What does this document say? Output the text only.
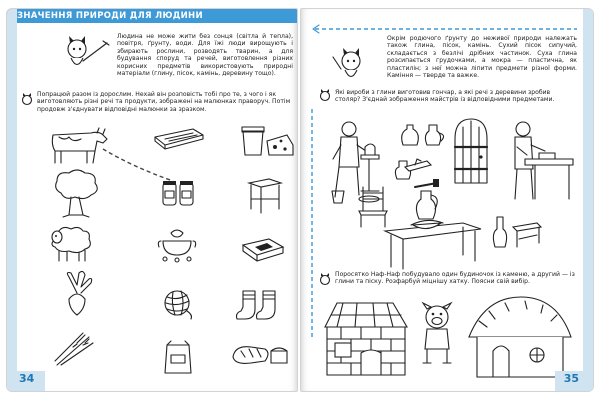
ЗНАЧЕННЯ ПРИРОДИ ДЛЯ ЛЮДИНИ
Людина не може жити без сонця (світла й тепла), повітря, ґрунту, води. Для їжі люди вирощують і збирають рослини, розводять тварин, а для будування споруд та речей, виготовлення різних корисних предметів використовують природні матеріали (глину, пісок, камінь, деревину тощо).
Попрацюй разом із дорослим. Нехай він розповість тобі про те, з чого і як виготовляють різні речі та продукти, зображені на малюнках праворуч. Потім продовж з'єднувати відповідні малюнки за зразком.
34
Окрім родючого ґрунту до неживої природи належать також глина, пісок, камінь. Сухий пісок сипучий, складається з безлічі дрібних частинок. Суха глина розсипається грудочками, а мокра — пластична, як пластилін; з неї можна ліпити предмети різної форми. Каміння — тверде та важке.
Які вироби з глини виготовив гончар, а які речі з деревини зробив столяр? З'єднай зображення майстрів із відповідними предметами.
Поросятко Наф-Наф побудувало один будиночок із каменю, а другий — із глини та піску. Розфарбуй міцнішу хатку. Поясни свій вибір.
35
